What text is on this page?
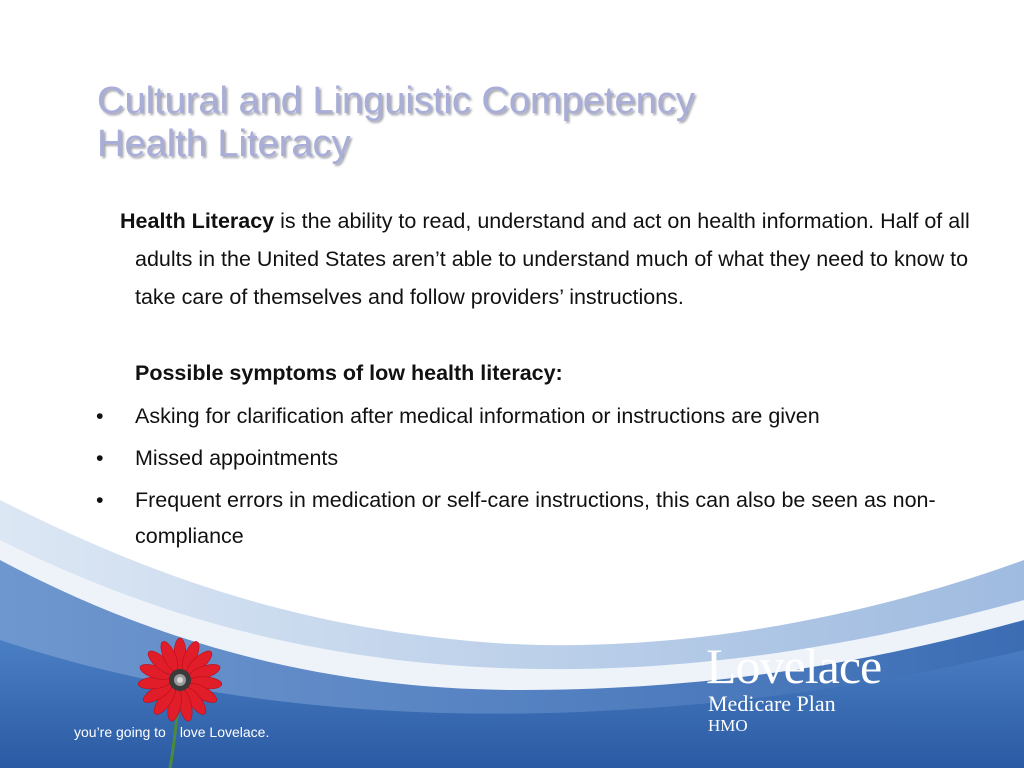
Cultural and Linguistic Competency
Health Literacy

Health Literacy is the ability to read, understand and act on health information. Half of all adults in the United States aren’t able to understand much of what they need to know to take care of themselves and follow providers’ instructions.

Possible symptoms of low health literacy:

• Asking for clarification after medical information or instructions are given
• Missed appointments
• Frequent errors in medication or self-care instructions, this can also be seen as non-compliance
you’re going to love Lovelace.
Lovelace
Medicare Plan
HMO
